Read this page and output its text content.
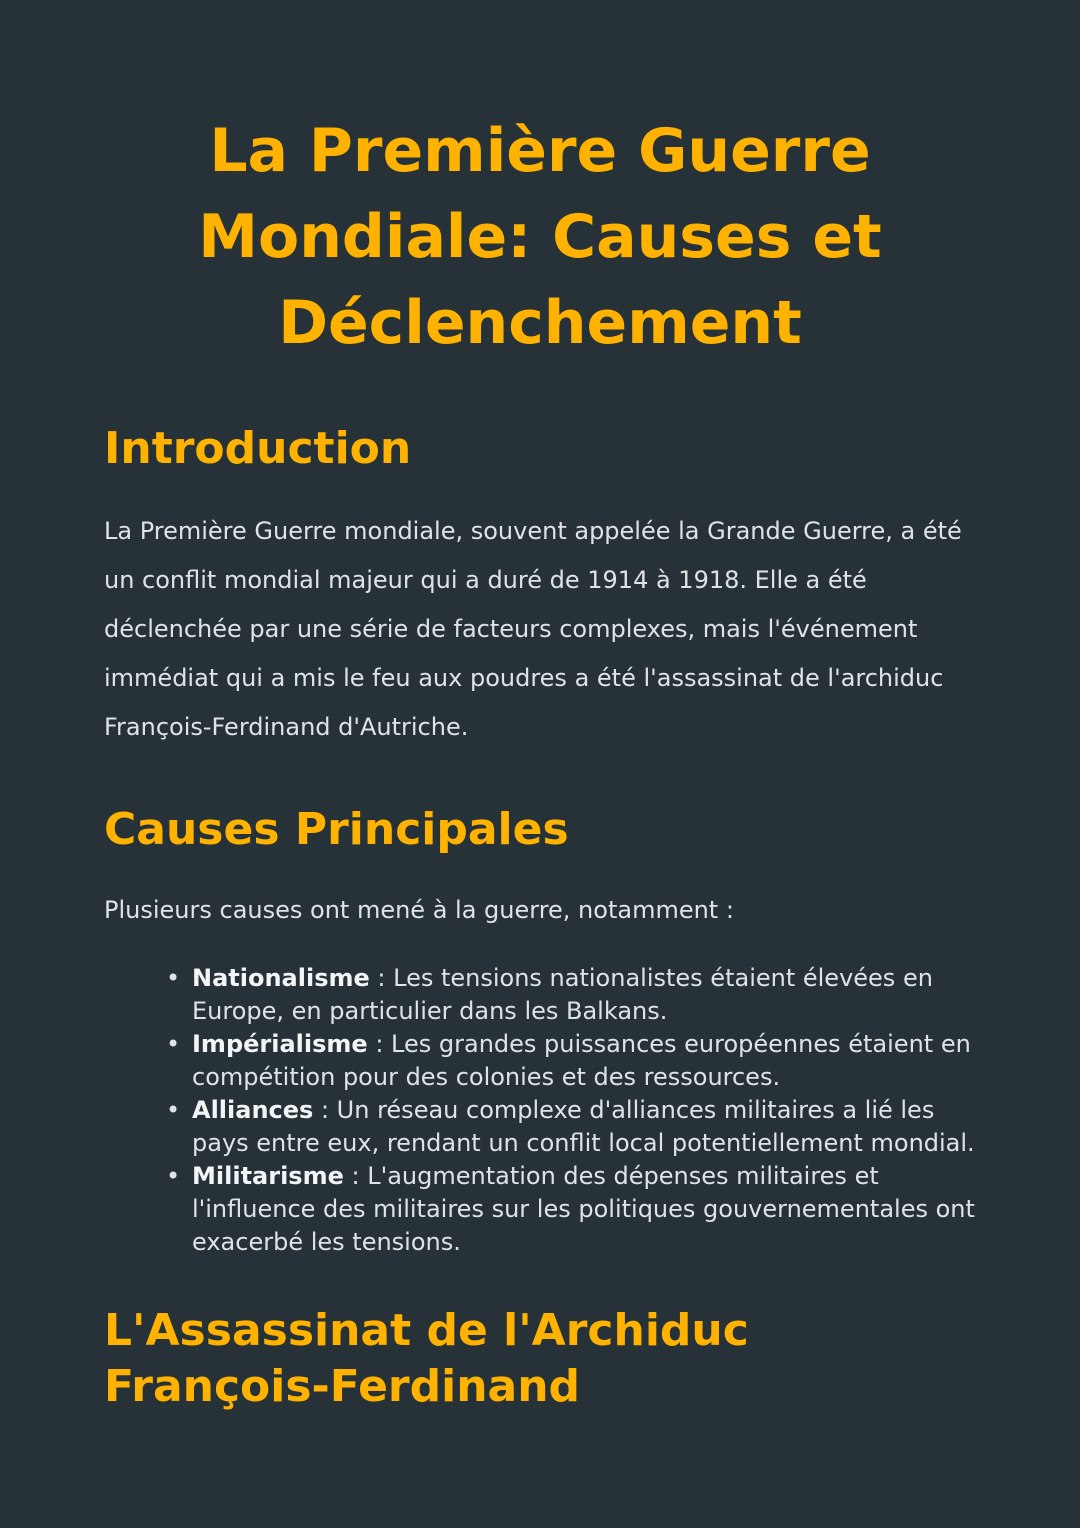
La Première Guerre Mondiale: Causes et Déclenchement
Introduction

La Première Guerre mondiale, souvent appelée la Grande Guerre, a été un conflit mondial majeur qui a duré de 1914 à 1918. Elle a été déclenchée par une série de facteurs complexes, mais l'événement immédiat qui a mis le feu aux poudres a été l'assassinat de l'archiduc François-Ferdinand d'Autriche.

Causes Principales

Plusieurs causes ont mené à la guerre, notamment :

• Nationalisme : Les tensions nationalistes étaient élevées en Europe, en particulier dans les Balkans.
• Impérialisme : Les grandes puissances européennes étaient en compétition pour des colonies et des ressources.
• Alliances : Un réseau complexe d'alliances militaires a lié les pays entre eux, rendant un conflit local potentiellement mondial.
• Militarisme : L'augmentation des dépenses militaires et l'influence des militaires sur les politiques gouvernementales ont exacerbé les tensions.
L'Assassinat de l'Archiduc François-Ferdinand
